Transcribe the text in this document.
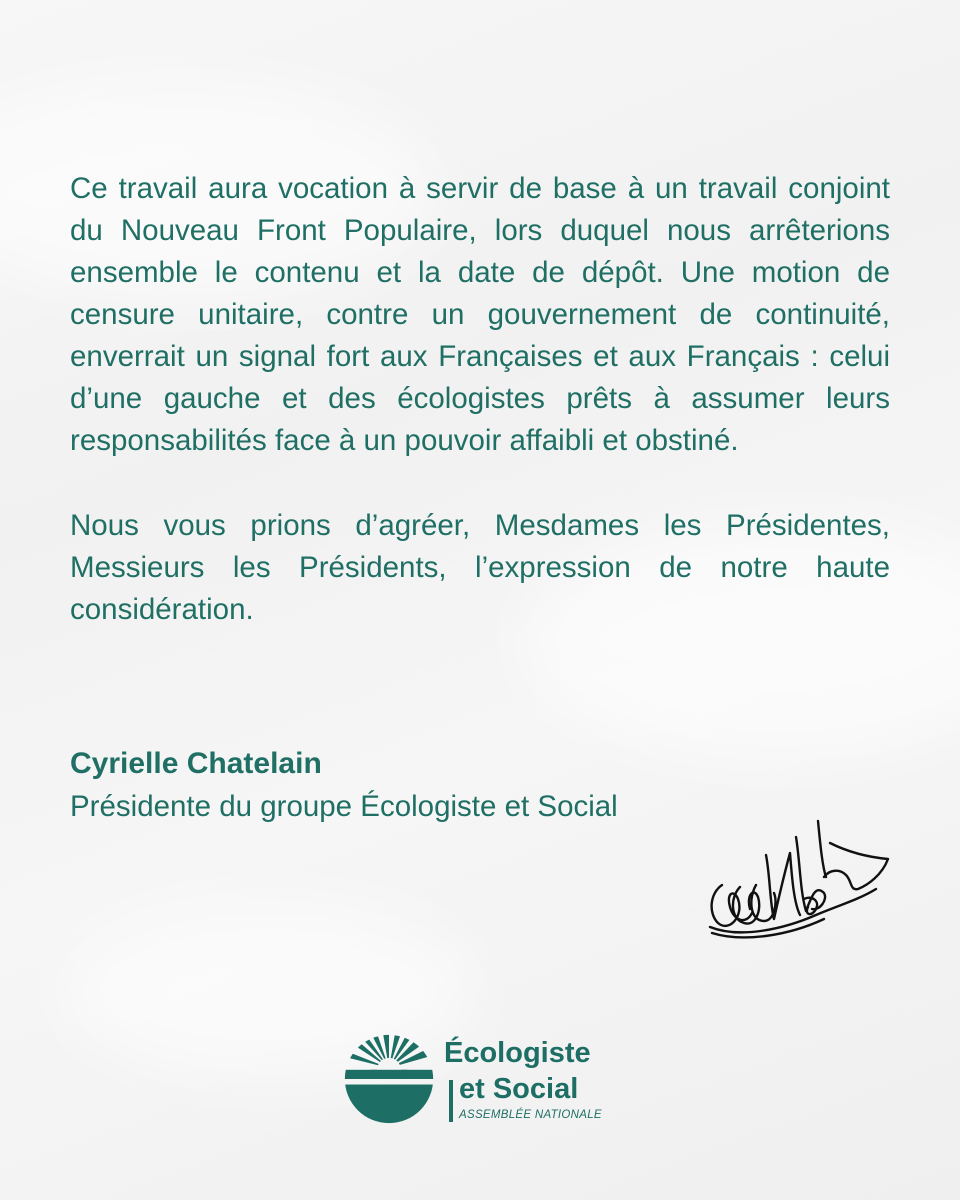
Ce travail aura vocation à servir de base à un travail conjoint du Nouveau Front Populaire, lors duquel nous arrêterions ensemble le contenu et la date de dépôt. Une motion de censure unitaire, contre un gouvernement de continuité, enverrait un signal fort aux Françaises et aux Français : celui d’une gauche et des écologistes prêts à assumer leurs responsabilités face à un pouvoir affaibli et obstiné.

Nous vous prions d’agréer, Mesdames les Présidentes, Messieurs les Présidents, l’expression de notre haute considération.

Cyrielle Chatelain
Présidente du groupe Écologiste et Social
Écologiste
et Social
ASSEMBLÉE NATIONALE
